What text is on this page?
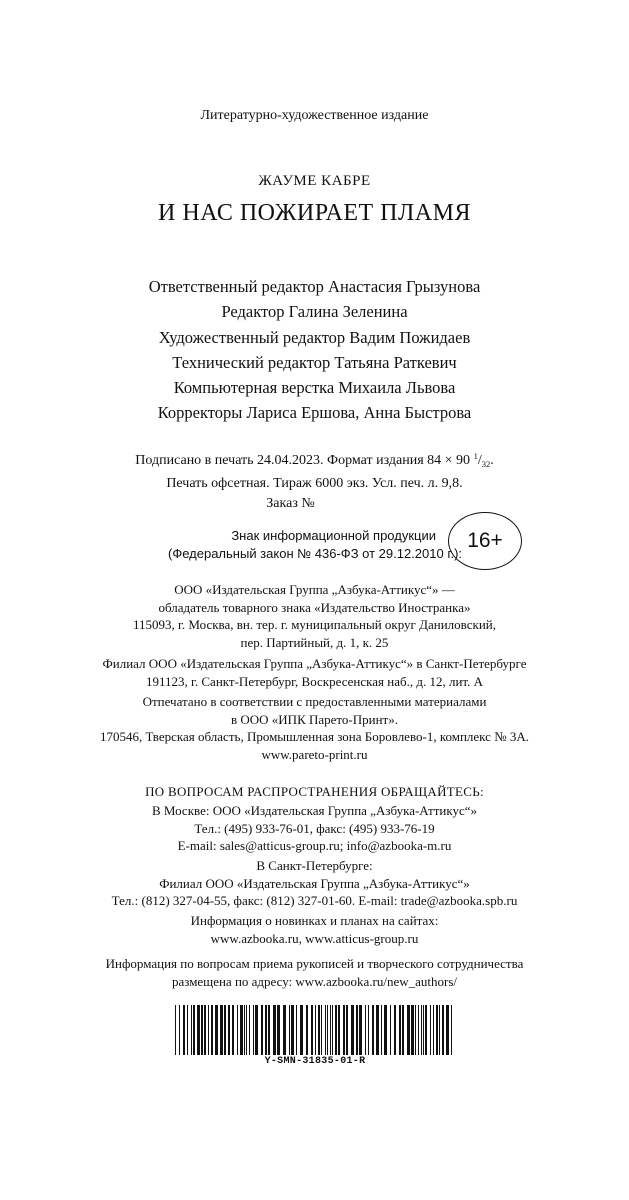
Литературно-художественное издание
ЖАУМЕ КАБРЕ
И НАС ПОЖИРАЕТ ПЛАМЯ
Ответственный редактор Анастасия Грызунова
Редактор Галина Зеленина
Художественный редактор Вадим Пожидаев
Технический редактор Татьяна Раткевич
Компьютерная верстка Михаила Львова
Корректоры Лариса Ершова, Анна Быстрова
Подписано в печать 24.04.2023. Формат издания 84 × 90 $^1/_{32}$.
Печать офсетная. Тираж 6000 экз. Усл. печ. л. 9,8.
Заказ №
Знак информационной продукции
(Федеральный закон № 436-ФЗ от 29.12.2010 г.):
16+
ООО «Издательская Группа „Азбука-Аттикус“» —
обладатель товарного знака «Издательство Иностранка»
115093, г. Москва, вн. тер. г. муниципальный округ Даниловский,
пер. Партийный, д. 1, к. 25
Филиал ООО «Издательская Группа „Азбука-Аттикус“» в Санкт-Петербурге
191123, г. Санкт-Петербург, Воскресенская наб., д. 12, лит. А
Отпечатано в соответствии с предоставленными материалами
в ООО «ИПК Парето-Принт».
170546, Тверская область, Промышленная зона Боровлево-1, комплекс № 3А.
www.pareto-print.ru
ПО ВОПРОСАМ РАСПРОСТРАНЕНИЯ ОБРАЩАЙТЕСЬ:
В Москве: ООО «Издательская Группа „Азбука-Аттикус“»
Тел.: (495) 933-76-01, факс: (495) 933-76-19
E-mail: sales@atticus-group.ru; info@azbooka-m.ru
В Санкт-Петербурге:
Филиал ООО «Издательская Группа „Азбука-Аттикус“»
Тел.: (812) 327-04-55, факс: (812) 327-01-60. E-mail: trade@azbooka.spb.ru
Информация о новинках и планах на сайтах:
www.azbooka.ru, www.atticus-group.ru
Информация по вопросам приема рукописей и творческого сотрудничества
размещена по адресу: www.azbooka.ru/new_authors/
Y-SMN-31835-01-R
